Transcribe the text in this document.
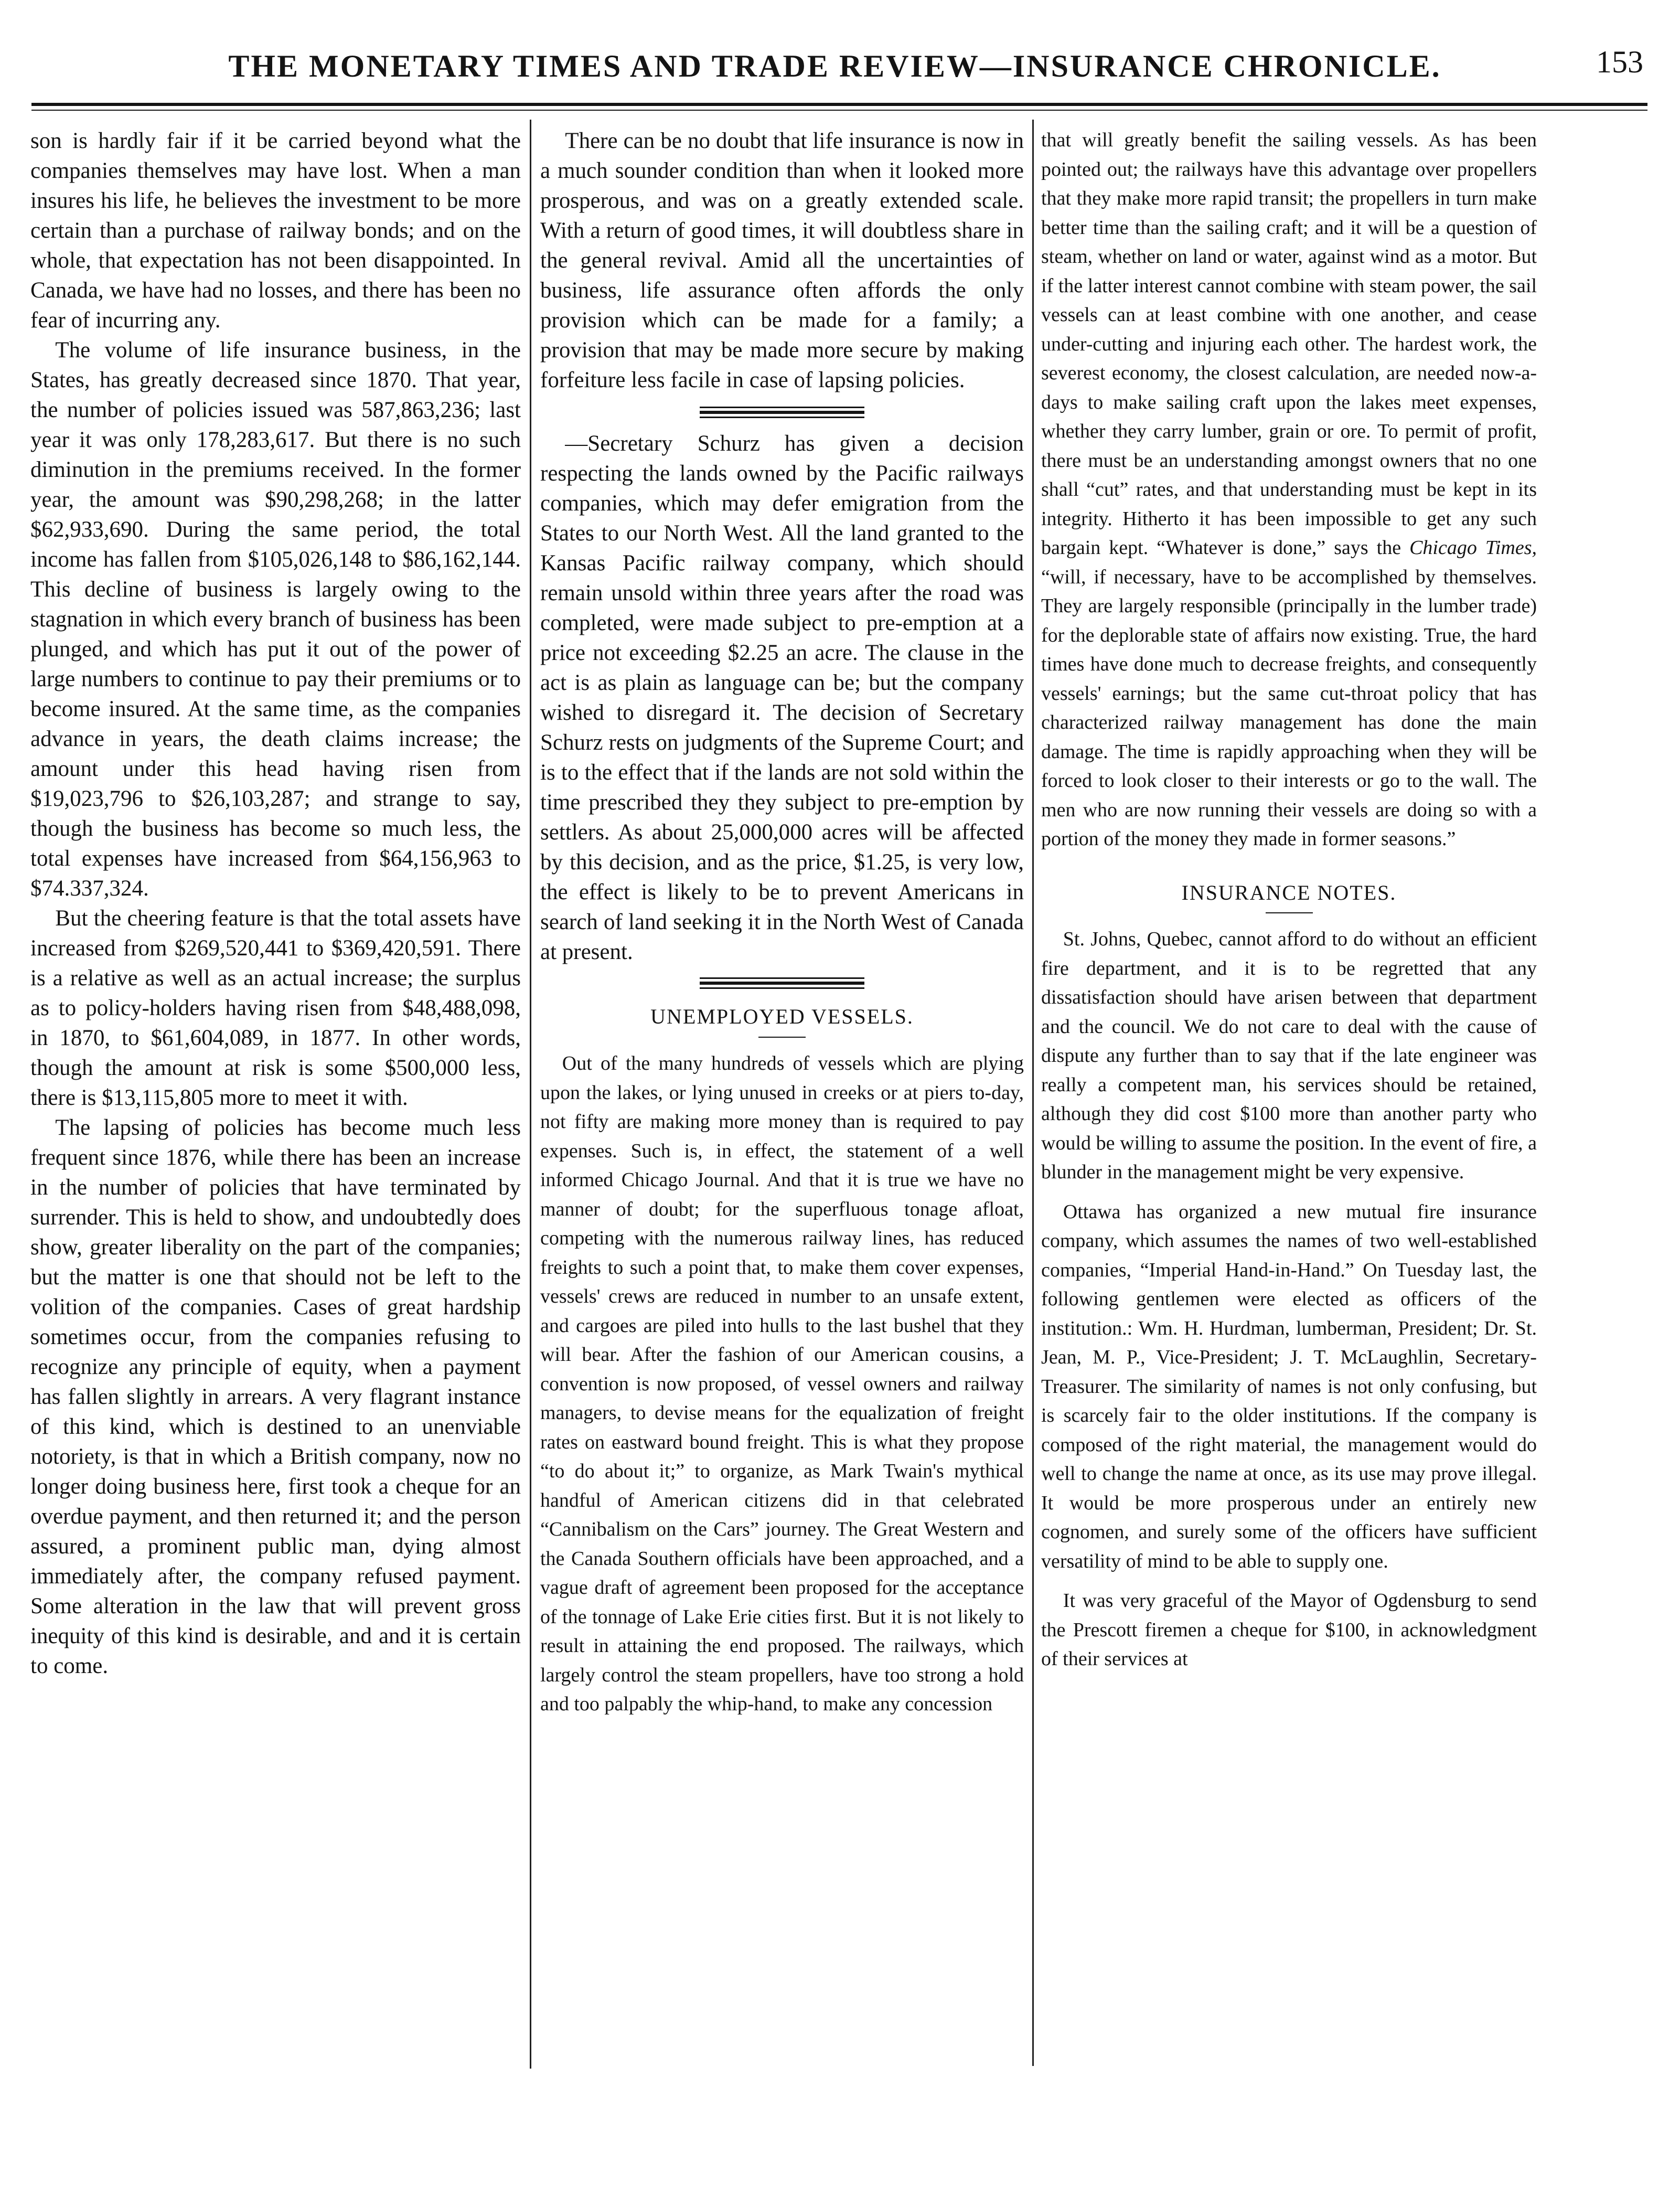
THE MONETARY TIMES AND TRADE REVIEW—INSURANCE CHRONICLE.	153

son is hardly fair if it be carried beyond what the companies themselves may have lost. When a man insures his life, he believes the investment to be more certain than a purchase of railway bonds; and on the whole, that expectation has not been disappointed. In Canada, we have had no losses, and there has been no fear of incurring any.

The volume of life insurance business, in the States, has greatly decreased since 1870. That year, the number of policies issued was 587,863,236; last year it was only 178,283,617. But there is no such diminution in the premiums received. In the former year, the amount was $90,298,268; in the latter $62,933,690. During the same period, the total income has fallen from $105,026,148 to $86,162,144. This decline of business is largely owing to the stagnation in which every branch of business has been plunged, and which has put it out of the power of large numbers to continue to pay their premiums or to become insured. At the same time, as the companies advance in years, the death claims increase; the amount under this head having risen from $19,023,796 to $26,103,287; and strange to say, though the business has become so much less, the total expenses have increased from $64,156,963 to $74.337,324.

But the cheering feature is that the total assets have increased from $269,520,441 to $369,420,591. There is a relative as well as an actual increase; the surplus as to policy-holders having risen from $48,488,098, in 1870, to $61,604,089, in 1877. In other words, though the amount at risk is some $500,000 less, there is $13,115,805 more to meet it with.

The lapsing of policies has become much less frequent since 1876, while there has been an increase in the number of policies that have terminated by surrender. This is held to show, and undoubtedly does show, greater liberality on the part of the companies; but the matter is one that should not be left to the volition of the companies. Cases of great hardship sometimes occur, from the companies refusing to recognize any principle of equity, when a payment has fallen slightly in arrears. A very flagrant instance of this kind, which is destined to an unenviable notoriety, is that in which a British company, now no longer doing business here, first took a cheque for an overdue payment, and then returned it; and the person assured, a prominent public man, dying almost immediately after, the company refused payment. Some alteration in the law that will prevent gross inequity of this kind is desirable, and and it is certain to come.

There can be no doubt that life insurance is now in a much sounder condition than when it looked more prosperous, and was on a greatly extended scale. With a return of good times, it will doubtless share in the general revival. Amid all the uncertainties of business, life assurance often affords the only provision which can be made for a family; a provision that may be made more secure by making forfeiture less facile in case of lapsing policies.

—Secretary Schurz has given a decision respecting the lands owned by the Pacific railways companies, which may defer emigration from the States to our North West. All the land granted to the Kansas Pacific railway company, which should remain unsold within three years after the road was completed, were made subject to pre-emption at a price not exceeding $2.25 an acre. The clause in the act is as plain as language can be; but the company wished to disregard it. The decision of Secretary Schurz rests on judgments of the Supreme Court; and is to the effect that if the lands are not sold within the time prescribed they they subject to pre-emption by settlers. As about 25,000,000 acres will be affected by this decision, and as the price, $1.25, is very low, the effect is likely to be to prevent Americans in search of land seeking it in the North West of Canada at present.

UNEMPLOYED VESSELS.

Out of the many hundreds of vessels which are plying upon the lakes, or lying unused in creeks or at piers to-day, not fifty are making more money than is required to pay expenses. Such is, in effect, the statement of a well informed Chicago Journal. And that it is true we have no manner of doubt; for the superfluous tonage afloat, competing with the numerous railway lines, has reduced freights to such a point that, to make them cover expenses, vessels' crews are reduced in number to an unsafe extent, and cargoes are piled into hulls to the last bushel that they will bear. After the fashion of our American cousins, a convention is now proposed, of vessel owners and railway managers, to devise means for the equalization of freight rates on eastward bound freight. This is what they propose “to do about it;” to organize, as Mark Twain's mythical handful of American citizens did in that celebrated “Cannibalism on the Cars” journey. The Great Western and the Canada Southern officials have been approached, and a vague draft of agreement been proposed for the acceptance of the tonnage of Lake Erie cities first. But it is not likely to result in attaining the end proposed. The railways, which largely control the steam propellers, have too strong a hold and too palpably the whip-hand, to make any concession

that will greatly benefit the sailing vessels. As has been pointed out; the railways have this advantage over propellers that they make more rapid transit; the propellers in turn make better time than the sailing craft; and it will be a question of steam, whether on land or water, against wind as a motor. But if the latter interest cannot combine with steam power, the sail vessels can at least combine with one another, and cease under-cutting and injuring each other. The hardest work, the severest economy, the closest calculation, are needed now-a-days to make sailing craft upon the lakes meet expenses, whether they carry lumber, grain or ore. To permit of profit, there must be an understanding amongst owners that no one shall “cut” rates, and that understanding must be kept in its integrity. Hitherto it has been impossible to get any such bargain kept. “Whatever is done,” says the Chicago Times, “will, if necessary, have to be accomplished by themselves. They are largely responsible (principally in the lumber trade) for the deplorable state of affairs now existing. True, the hard times have done much to decrease freights, and consequently vessels' earnings; but the same cut-throat policy that has characterized railway management has done the main damage. The time is rapidly approaching when they will be forced to look closer to their interests or go to the wall. The men who are now running their vessels are doing so with a portion of the money they made in former seasons.”

INSURANCE NOTES.

St. Johns, Quebec, cannot afford to do without an efficient fire department, and it is to be regretted that any dissatisfaction should have arisen between that department and the council. We do not care to deal with the cause of dispute any further than to say that if the late engineer was really a competent man, his services should be retained, although they did cost $100 more than another party who would be willing to assume the position. In the event of fire, a blunder in the management might be very expensive.

Ottawa has organized a new mutual fire insurance company, which assumes the names of two well-established companies, “Imperial Hand-in-Hand.” On Tuesday last, the following gentlemen were elected as officers of the institution.: Wm. H. Hurdman, lumberman, President; Dr. St. Jean, M. P., Vice-President; J. T. McLaughlin, Secretary-Treasurer. The similarity of names is not only confusing, but is scarcely fair to the older institutions. If the company is composed of the right material, the management would do well to change the name at once, as its use may prove illegal. It would be more prosperous under an entirely new cognomen, and surely some of the officers have sufficient versatility of mind to be able to supply one.

It was very graceful of the Mayor of Ogdensburg to send the Prescott firemen a cheque for $100, in acknowledgment of their services at
